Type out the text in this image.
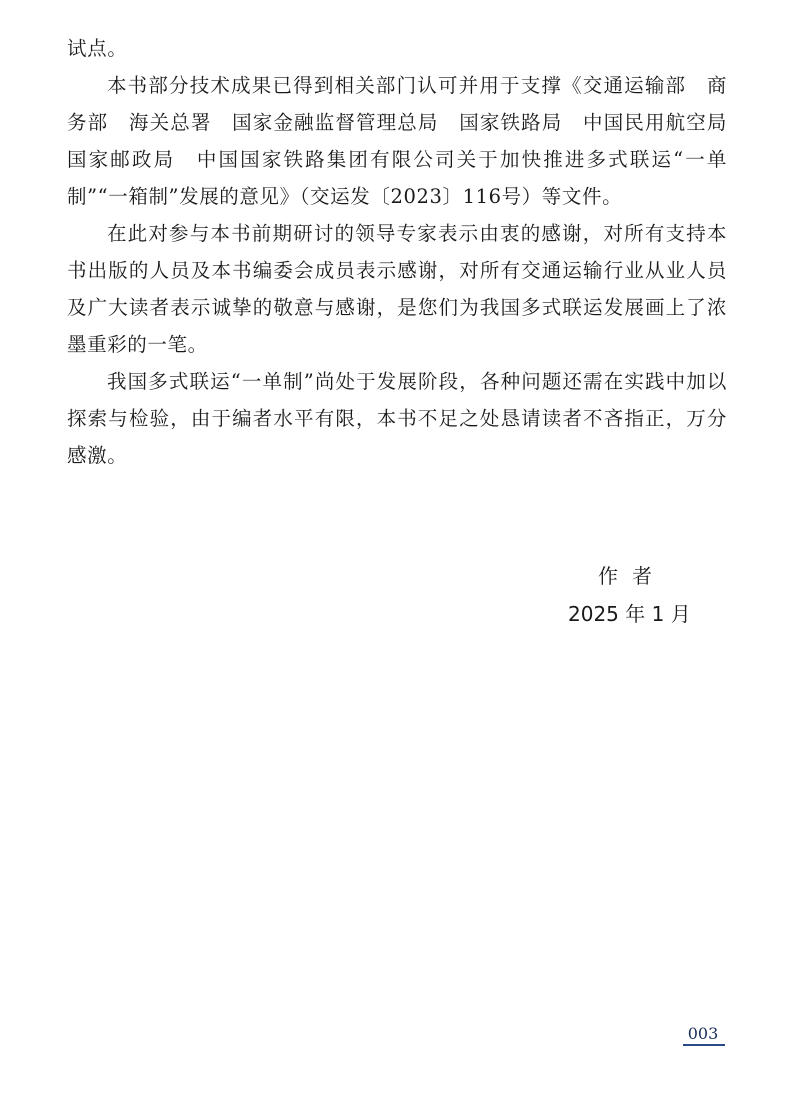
试点。

本书部分技术成果已得到相关部门认可并用于支撑《交通运输部　商务部　海关总署　国家金融监督管理总局　国家铁路局　中国民用航空局　国家邮政局　中国国家铁路集团有限公司关于加快推进多式联运“一单制”“一箱制”发展的意见》（交运发〔2023〕116号）等文件。

在此对参与本书前期研讨的领导专家表示由衷的感谢，对所有支持本书出版的人员及本书编委会成员表示感谢，对所有交通运输行业从业人员及广大读者表示诚挚的敬意与感谢，是您们为我国多式联运发展画上了浓墨重彩的一笔。

我国多式联运“一单制”尚处于发展阶段，各种问题还需在实践中加以探索与检验，由于编者水平有限，本书不足之处恳请读者不吝指正，万分感激。

作者
2025 年 1 月
003
